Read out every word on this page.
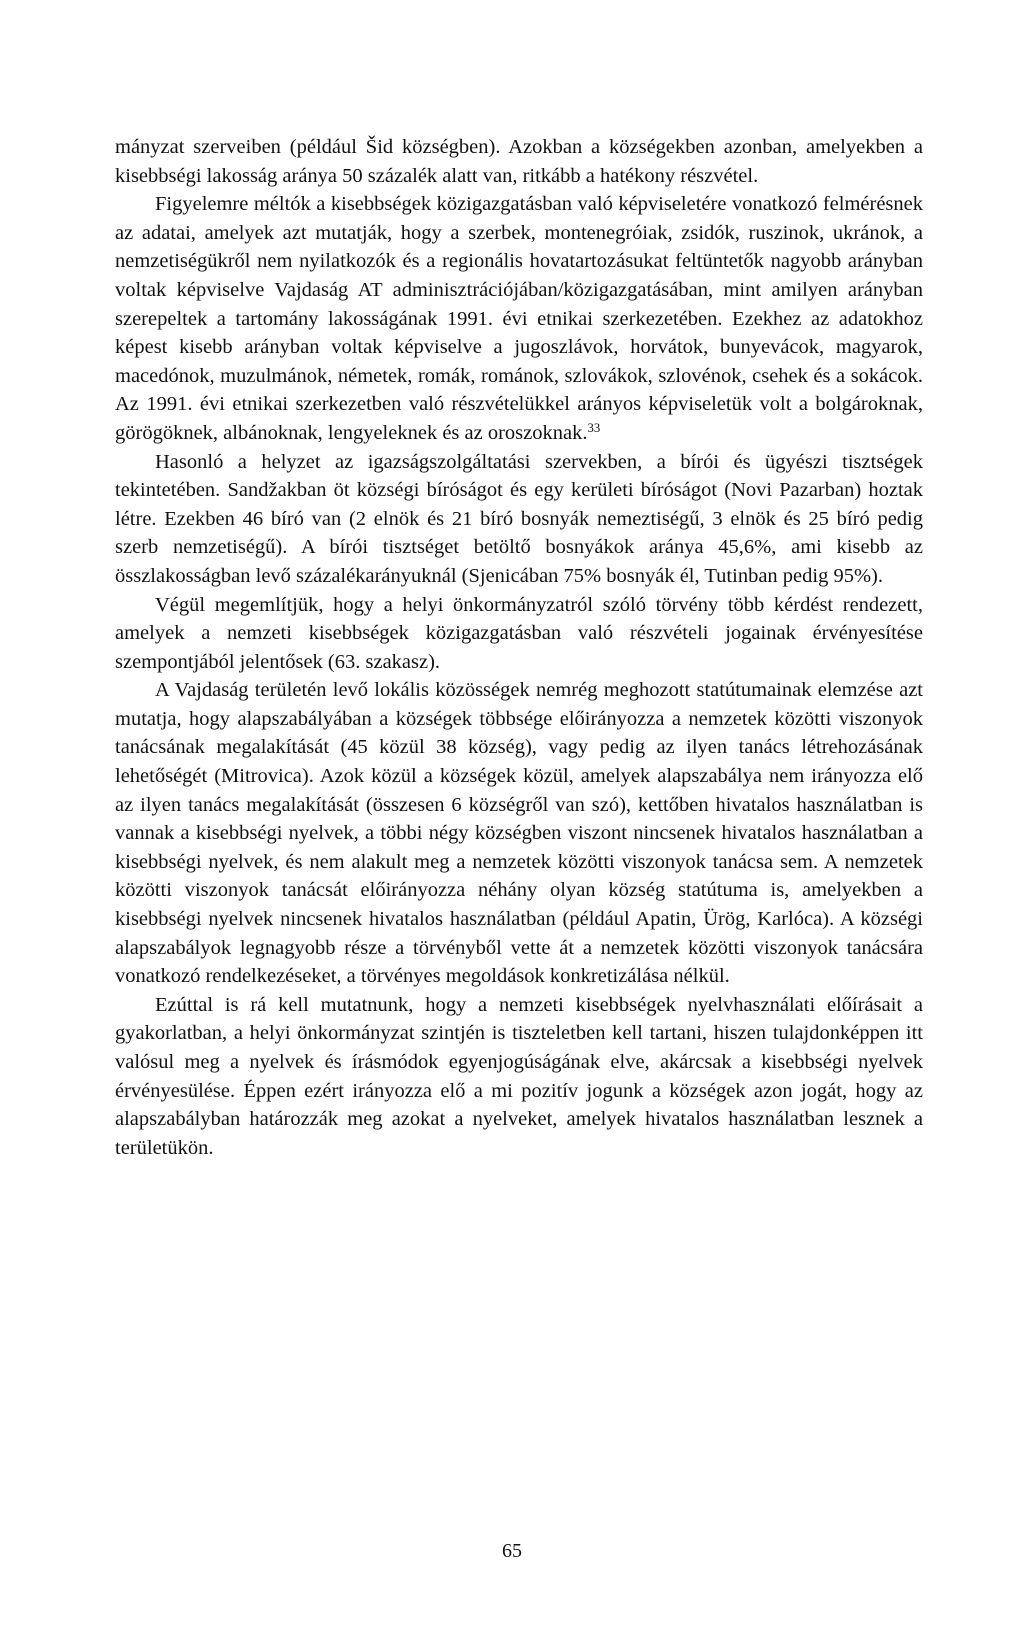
mányzat szerveiben (például Šid községben). Azokban a községekben azonban, amelyekben a kisebbségi lakosság aránya 50 százalék alatt van, ritkább a hatékony részvétel.

Figyelemre méltók a kisebbségek közigazgatásban való képviseletére vonatkozó felmérésnek az adatai, amelyek azt mutatják, hogy a szerbek, montenegróiak, zsidók, ruszinok, ukránok, a nemzetiségükről nem nyilatkozók és a regionális hovatartozásukat feltüntetők nagyobb arányban voltak képviselve Vajdaság AT adminisztrációjában/közigazgatásában, mint amilyen arányban szerepeltek a tartomány lakosságának 1991. évi etnikai szerkezetében. Ezekhez az adatokhoz képest kisebb arányban voltak képviselve a jugoszlávok, horvátok, bunyevácok, magyarok, macedónok, muzulmánok, németek, romák, románok, szlovákok, szlovénok, csehek és a sokácok. Az 1991. évi etnikai szerkezetben való részvételükkel arányos képviseletük volt a bolgároknak, görögöknek, albánoknak, lengyeleknek és az oroszoknak.$^{33}$

Hasonló a helyzet az igazságszolgáltatási szervekben, a bírói és ügyészi tisztségek tekintetében. Sandžakban öt községi bíróságot és egy kerületi bíróságot (Novi Pazarban) hoztak létre. Ezekben 46 bíró van (2 elnök és 21 bíró bosnyák nemeztiségű, 3 elnök és 25 bíró pedig szerb nemzetiségű). A bírói tisztséget betöltő bosnyákok aránya 45,6%, ami kisebb az összlakosságban levő százalékarányuknál (Sjenicában 75% bosnyák él, Tutinban pedig 95%).

Végül megemlítjük, hogy a helyi önkormányzatról szóló törvény több kérdést rendezett, amelyek a nemzeti kisebbségek közigazgatásban való részvételi jogainak érvényesítése szempontjából jelentősek (63. szakasz).

A Vajdaság területén levő lokális közösségek nemrég meghozott statútumainak elemzése azt mutatja, hogy alapszabályában a községek többsége előirányozza a nemzetek közötti viszonyok tanácsának megalakítását (45 közül 38 község), vagy pedig az ilyen tanács létrehozásának lehetőségét (Mitrovica). Azok közül a községek közül, amelyek alapszabálya nem irányozza elő az ilyen tanács megalakítását (összesen 6 községről van szó), kettőben hivatalos használatban is vannak a kisebbségi nyelvek, a többi négy községben viszont nincsenek hivatalos használatban a kisebbségi nyelvek, és nem alakult meg a nemzetek közötti viszonyok tanácsa sem. A nemzetek közötti viszonyok tanácsát előirányozza néhány olyan község statútuma is, amelyekben a kisebbségi nyelvek nincsenek hivatalos használatban (például Apatin, Ürög, Karlóca). A községi alapszabályok legnagyobb része a törvényből vette át a nemzetek közötti viszonyok tanácsára vonatkozó rendelkezéseket, a törvényes megoldások konkretizálása nélkül.

Ezúttal is rá kell mutatnunk, hogy a nemzeti kisebbségek nyelvhasználati előírásait a gyakorlatban, a helyi önkormányzat szintjén is tiszteletben kell tartani, hiszen tulajdonképpen itt valósul meg a nyelvek és írásmódok egyenjogúságának elve, akárcsak a kisebbségi nyelvek érvényesülése. Éppen ezért irányozza elő a mi pozitív jogunk a községek azon jogát, hogy az alapszabályban határozzák meg azokat a nyelveket, amelyek hivatalos használatban lesznek a területükön.

65
